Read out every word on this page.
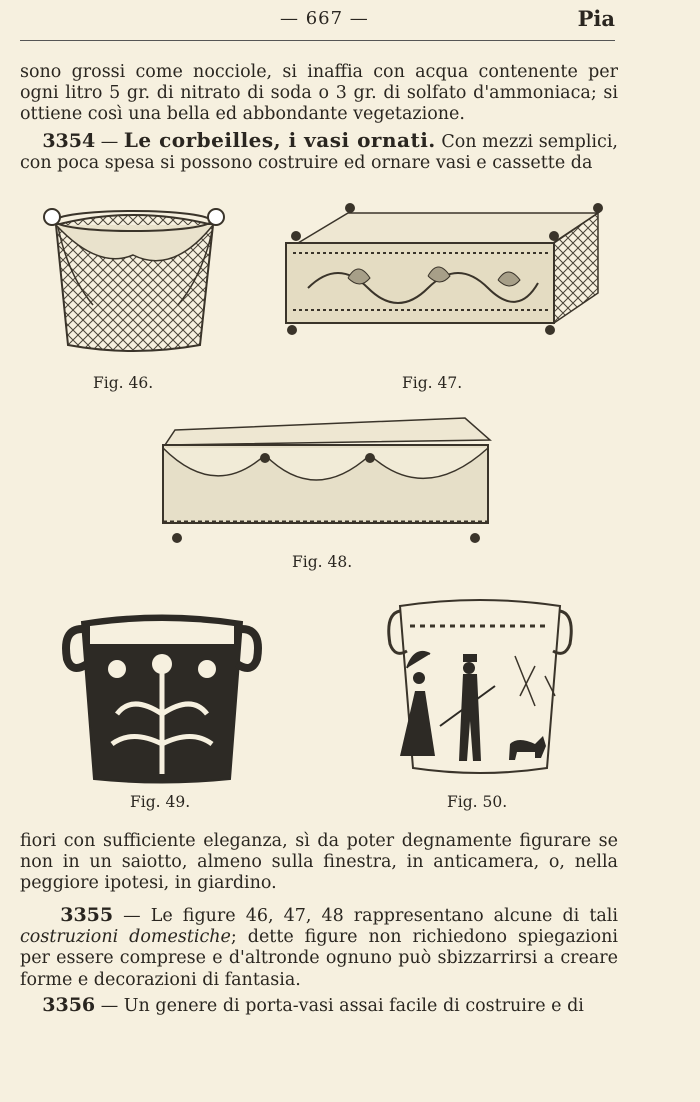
— 667 —	Pia
sono grossi come nocciole, si inaffia con acqua contenente per ogni litro 5 gr. di nitrato di soda o 3 gr. di solfato d'ammoniaca; si ottiene così una bella ed abbondante vegetazione.
3354 — Le corbeilles, i vasi ornati. Con mezzi semplici, con poca spesa si possono costruire ed ornare vasi e cassette da
Fig. 46.	Fig. 47.
Fig. 48.
Fig. 49.	Fig. 50.
fiori con sufficiente eleganza, sì da poter degnamente figurare se non in un saiotto, almeno sulla finestra, in anticamera, o, nella peggiore ipotesi, in giardino.
3355 — Le figure 46, 47, 48 rappresentano alcune di tali costruzioni domestiche; dette figure non richiedono spiegazioni per essere comprese e d'altronde ognuno può sbizzarrirsi a creare forme e decorazioni di fantasia.
3356 — Un genere di porta-vasi assai facile di costruire e di
